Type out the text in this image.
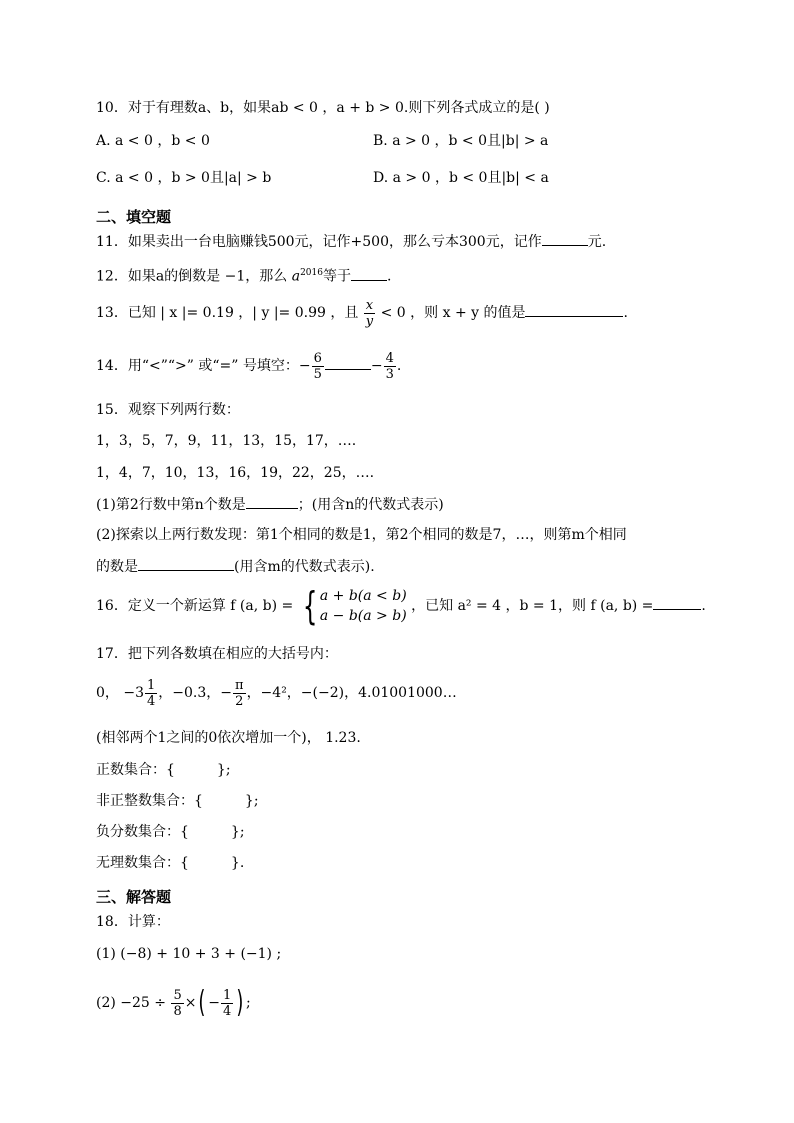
10．对于有理数a、b，如果ab < 0 ，a + b > 0.则下列各式成立的是( )
A. a < 0 ，b < 0	B. a > 0 ，b < 0且|b| > a
C. a < 0 ，b > 0且|a| > b	D. a > 0 ，b < 0且|b| < a
二、填空题
11．如果卖出一台电脑赚钱500元，记作+500，那么亏本300元，记作	元.
12．如果a的倒数是 −1，那么 $a^{2016}$等于	.
13．已知 | x |= 0.19 ，| y |= 0.99 ，且 $\frac{x}{y} < 0$ ，则 x + y 的值是	.
14．用“<”“>” 或“=” 号填空：− $\frac{6}{5}$	− $\frac{4}{3}$ .
15．观察下列两行数：
1，3，5，7，9，11，13，15，17，….
1，4，7，10，13，16，19，22，25，….
(1)第2行数中第n个数是	；(用含n的代数式表示)
(2)探索以上两行数发现：第1个相同的数是1，第2个相同的数是7，…，则第m个相同
的数是	(用含m的代数式表示).
16．定义一个新运算 f (a, b) = { a + b(a < b)
a − b(a > b)
，已知 a² = 4 ，b = 1，则 f (a, b) =	.
17．把下列各数填在相应的大括号内：
0， $-3 \frac{1}{4}$ ，−0.3，− $\frac{\pi}{2}$ ，−4²，−(−2)，4.01001000…
(相邻两个1之间的0依次增加一个)， 1.23.
正数集合：{　　　};
非正整数集合：{　　　};
负分数集合：{　　　};
无理数集合：{　　　}.
三、解答题
18．计算：
(1) (−8) + 10 + 3 + (−1) ;
$(2) -25 \div \frac{5}{8}$ ×( − $\frac{1}{4}$ ) ;
